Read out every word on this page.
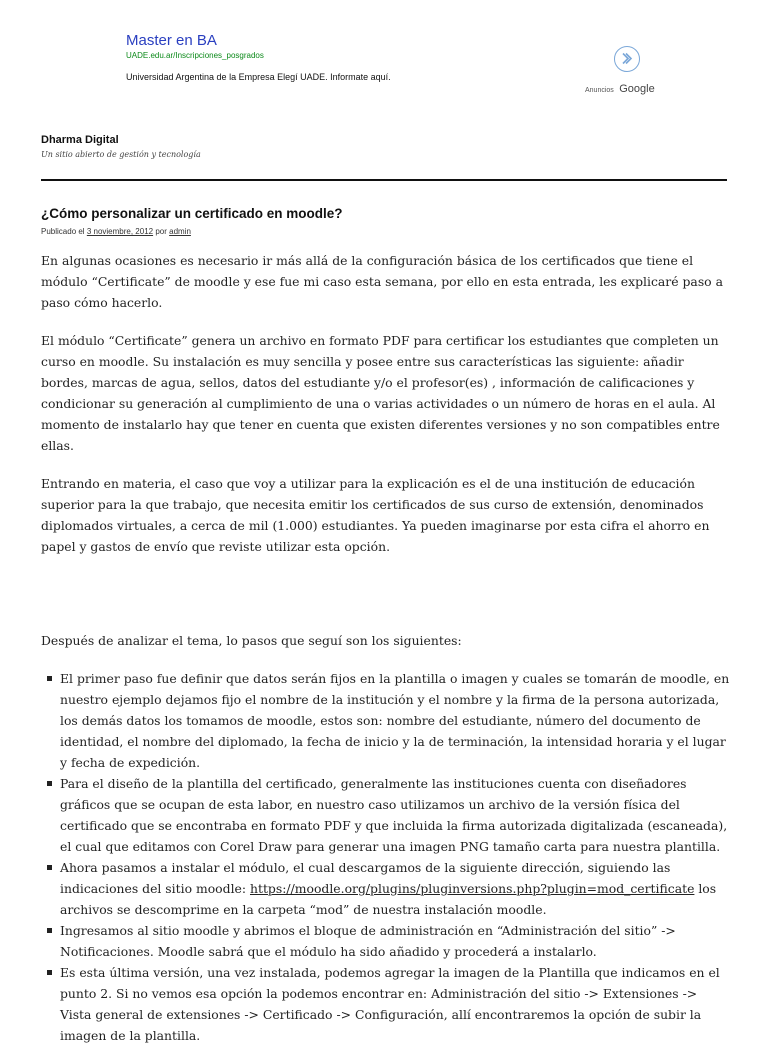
Master en BA
UADE.edu.ar/Inscripciones_posgrados
Universidad Argentina de la Empresa Elegí UADE. Informate aquí.
Anuncios Google
Dharma Digital
Un sitio abierto de gestión y tecnología
¿Cómo personalizar un certificado en moodle?
Publicado el 3 noviembre, 2012 por admin

En algunas ocasiones es necesario ir más allá de la configuración básica de los certificados que tiene el módulo “Certificate” de moodle y ese fue mi caso esta semana, por ello en esta entrada, les explicaré paso a paso cómo hacerlo.

El módulo “Certificate” genera un archivo en formato PDF para certificar los estudiantes que completen un curso en moodle. Su instalación es muy sencilla y posee entre sus características las siguiente: añadir bordes, marcas de agua, sellos, datos del estudiante y/o el profesor(es) , información de calificaciones y condicionar su generación al cumplimiento de una o varias actividades o un número de horas en el aula. Al momento de instalarlo hay que tener en cuenta que existen diferentes versiones y no son compatibles entre ellas.

Entrando en materia, el caso que voy a utilizar para la explicación es el de una institución de educación superior para la que trabajo, que necesita emitir los certificados de sus curso de extensión, denominados diplomados virtuales, a cerca de mil (1.000) estudiantes. Ya pueden imaginarse por esta cifra el ahorro en papel y gastos de envío que reviste utilizar esta opción.

Después de analizar el tema, lo pasos que seguí son los siguientes:

El primer paso fue definir que datos serán fijos en la plantilla o imagen y cuales se tomarán de moodle, en nuestro ejemplo dejamos fijo el nombre de la institución y el nombre y la firma de la persona autorizada, los demás datos los tomamos de moodle, estos son: nombre del estudiante, número del documento de identidad, el nombre del diplomado, la fecha de inicio y la de terminación, la intensidad horaria y el lugar y fecha de expedición.
Para el diseño de la plantilla del certificado, generalmente las instituciones cuenta con diseñadores gráficos que se ocupan de esta labor, en nuestro caso utilizamos un archivo de la versión física del certificado que se encontraba en formato PDF y que incluida la firma autorizada digitalizada (escaneada), el cual que editamos con Corel Draw para generar una imagen PNG tamaño carta para nuestra plantilla.
Ahora pasamos a instalar el módulo, el cual descargamos de la siguiente dirección, siguiendo las indicaciones del sitio moodle: https://moodle.org/plugins/pluginversions.php?plugin=mod_certificate los archivos se descomprime en la carpeta “mod” de nuestra instalación moodle.
Ingresamos al sitio moodle y abrimos el bloque de administración en “Administración del sitio” -> Notificaciones. Moodle sabrá que el módulo ha sido añadido y procederá a instalarlo.
Es esta última versión, una vez instalada, podemos agregar la imagen de la Plantilla que indicamos en el punto 2. Si no vemos esa opción la podemos encontrar en: Administración del sitio -> Extensiones -> Vista general de extensiones -> Certificado -> Configuración, allí encontraremos la opción de subir la imagen de la plantilla.
